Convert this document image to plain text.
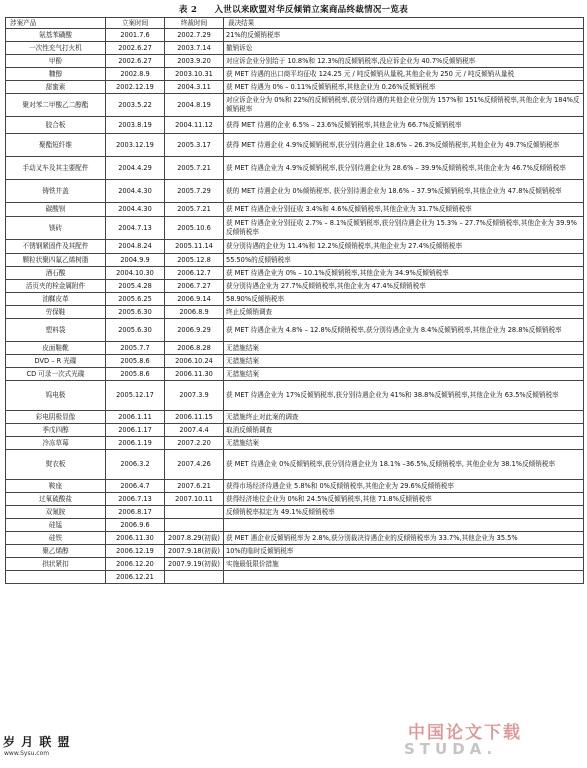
表 2 入世以来欧盟对华反倾销立案商品终裁情况一览表
涉案产品	立案时间	终裁时间	裁决结果
氨基苯磺酸	2001.7.6	2002.7.29	21%的反倾销税率
一次性充气打火机	2002.6.27	2003.7.14	撤销诉讼
甲酚	2002.6.27	2003.9.20	对应诉企业分别给于 10.8%和 12.3%的反倾销税率,没应诉企业为 40.7%反倾销税率
糠醇	2002.8.9	2003.10.31	获 MET 待遇的出口商平均征收 124.25 元 / 吨反倾销从量税,其他企业为 250 元 / 吨反倾销从量税
甜蜜素	2002.12.19	2004.3.11	获 MET 待遇为 0% – 0.11%反倾销税率,其他企业为 0.26%反倾销税率
聚对苯二甲酸乙二醇酯	2003.5.22	2004.8.19	对应诉企业分为 0%和 22%的反倾销税率,获分别待遇的其他企业分别为 157%和 151%反倾销税率,其他企业为 184%反倾销税率
胶合板	2003.8.19	2004.11.12	获得 MET 待遇的企业 6.5% – 23.6%反倾销税率,其他企业为 66.7%反倾销税率
聚酯短纤维	2003.12.19	2005.3.17	获得 MET 待遇企业 4.9%反倾销税率,获分别待遇企业 18.6% – 26.3%反倾销税率,其他企业为 49.7%反倾销税率
手动叉车及其主要配件	2004.4.29	2005.7.21	获 MET 待遇企业为 4.9%反倾销税率,获分别待遇企业为 28.6% – 39.9%反倾销税率,其他企业为 46.7%反倾销税率
铸铁井盖	2004.4.30	2005.7.29	获的 MET 待遇企业为 0%倾销税率, 获分别待遇企业为 18.6% – 37.9%反倾销税率,其他企业为 47.8%反倾销税率
碳酸钡	2004.4.30	2005.7.21	获 MET 待遇企业分别征收 3.4%和 4.6%反倾销税率,其他企业为 31.7%反倾销税率
镁砖	2004.7.13	2005.10.6	获 MET 待遇企业分别征收 2.7% – 8.1%反倾销税率,获分别待遇企业为 15.3% – 27.7%反倾销税率,其他企业为 39.9%反倾销税率
不锈钢紧固件及其配件	2004.8.24	2005.11.14	获分别待遇的企业为 11.4%和 12.2%反倾销税率,其他企业为 27.4%反倾销税率
颗粒状聚四氟乙烯树脂	2004.9.9	2005.12.8	55.50%的反倾销税率
酒石酸	2004.10.30	2006.12.7	获 MET 待遇企业为 0% – 10.1%反倾销税率,其他企业为 34.9%反倾销税率
活页夹的栓金属附件	2005.4.28	2006.7.27	获分别待遇企业为 27.7%反倾销税率,其他企业为 47.4%反倾销税率
油鞣皮革	2005.6.25	2006.9.14	58.90%反倾销税率
劳保鞋	2005.6.30	2006.8.9	终止反倾销调查
塑料袋	2005.6.30	2006.9.29	获 MET 待遇企业为 4.8% – 12.8%反倾销税率,获分别待遇企业为 8.4%反倾销税率,其他企业为 28.8%反倾销税率
皮面鞋靴	2005.7.7	2006.8.28	无措施结案
DVD – R 光碟	2005.8.6	2006.10.24	无措施结案
CD 可录一次式光碟	2005.8.6	2006.11.30	无措施结案
钨电极	2005.12.17	2007.3.9	获 MET 待遇企业为 17%反倾销税率,获分别待遇企业为 41%和 38.8%反倾销税率,其他企业为 63.5%反倾销税率
彩电阴极显像	2006.1.11	2006.11.15	无措施终止对此案的调查
季戊四醇	2006.1.17	2007.4.4	取消反倾销调查
冷冻草莓	2006.1.19	2007.2.20	无措施结案
熨衣板	2006.3.2	2007.4.26	获 MET 待遇企业 0%反倾销税率,获分别待遇企业为 18.1% –36.5%,反倾销税率, 其他企业为 38.1%反倾销税率
鞍座	2006.4.7	2007.6.21	获得市场经济待遇企业 5.8%和 0%反倾销税率,其他企业为 29.6%反倾销税率
过氧硫酸盐	2006.7.13	2007.10.11	获得经济地位企业为 0%和 24.5%反倾销税率,其他 71.8%反倾销税率
双氰胺	2006.8.17		反倾销税率拟定为 49.1%反倾销税率
硅锰	2006.9.6		
硅铁	2006.11.30	2007.8.29(初裁)	获 MET 遇企业反倾销税率为 2.8%,获分别裁决待遇企业的反倾销税率为 33.7%,其他企业为 35.5%
聚乙烯醇	2006.12.19	2007.9.18(初裁)	10%的临时反倾销税率
拱状紧扣	2006.12.20	2007.9.19(初裁)	实施最低限价措施
	2006.12.21		
岁 月 联 盟
www.Sysu.com
中国论文下载
STUDA.
